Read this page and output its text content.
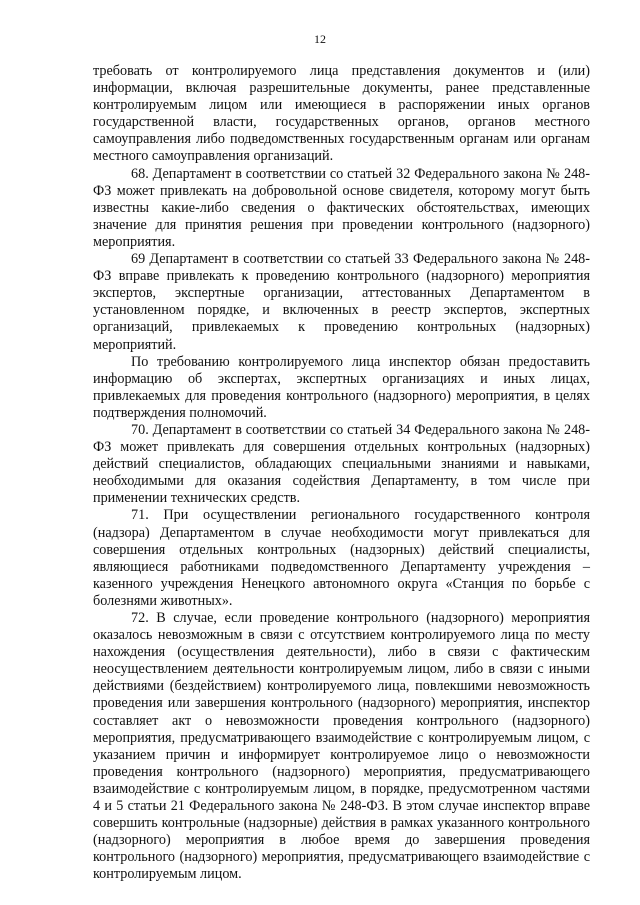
12

требовать от контролируемого лица представления документов и (или) информации, включая разрешительные документы, ранее представленные контролируемым лицом или имеющиеся в распоряжении иных органов государственной власти, государственных органов, органов местного самоуправления либо подведомственных государственным органам или органам местного самоуправления организаций.

68. Департамент в соответствии со статьей 32 Федерального закона № 248-ФЗ может привлекать на добровольной основе свидетеля, которому могут быть известны какие-либо сведения о фактических обстоятельствах, имеющих значение для принятия решения при проведении контрольного (надзорного) мероприятия.

69 Департамент в соответствии со статьей 33 Федерального закона № 248-ФЗ вправе привлекать к проведению контрольного (надзорного) мероприятия экспертов, экспертные организации, аттестованных Департаментом в установленном порядке, и включенных в реестр экспертов, экспертных организаций, привлекаемых к проведению контрольных (надзорных) мероприятий.

По требованию контролируемого лица инспектор обязан предоставить информацию об экспертах, экспертных организациях и иных лицах, привлекаемых для проведения контрольного (надзорного) мероприятия, в целях подтверждения полномочий.

70. Департамент в соответствии со статьей 34 Федерального закона № 248-ФЗ может привлекать для совершения отдельных контрольных (надзорных) действий специалистов, обладающих специальными знаниями и навыками, необходимыми для оказания содействия Департаменту, в том числе при применении технических средств.

71. При осуществлении регионального государственного контроля (надзора) Департаментом в случае необходимости могут привлекаться для совершения отдельных контрольных (надзорных) действий специалисты, являющиеся работниками подведомственного Департаменту учреждения – казенного учреждения Ненецкого автономного округа «Станция по борьбе с болезнями животных».

72. В случае, если проведение контрольного (надзорного) мероприятия оказалось невозможным в связи с отсутствием контролируемого лица по месту нахождения (осуществления деятельности), либо в связи с фактическим неосуществлением деятельности контролируемым лицом, либо в связи с иными действиями (бездействием) контролируемого лица, повлекшими невозможность проведения или завершения контрольного (надзорного) мероприятия, инспектор составляет акт о невозможности проведения контрольного (надзорного) мероприятия, предусматривающего взаимодействие с контролируемым лицом, с указанием причин и информирует контролируемое лицо о невозможности проведения контрольного (надзорного) мероприятия, предусматривающего взаимодействие с контролируемым лицом, в порядке, предусмотренном частями 4 и 5 статьи 21 Федерального закона № 248-ФЗ. В этом случае инспектор вправе совершить контрольные (надзорные) действия в рамках указанного контрольного (надзорного) мероприятия в любое время до завершения проведения контрольного (надзорного) мероприятия, предусматривающего взаимодействие с контролируемым лицом.
